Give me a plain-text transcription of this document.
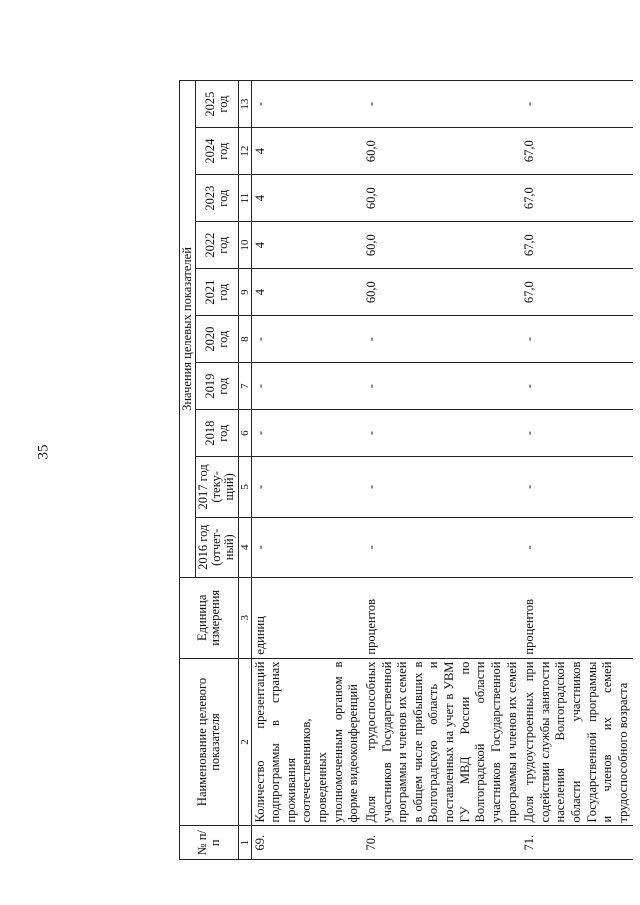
35
№ п/п	Наименование целевого показателя	Единица измерения	Значения целевых показателей									
			2016 год (отчет-ный)	2017 год (теку-щий)	2018 год	2019 год	2020 год	2021 год	2022 год	2023 год	2024 год	2025 год
1	2	3	4	5	6	7	8	9	10	11	12	13
69.	Количество презентаций подпрограммы в странах проживания соотечественников, проведенных уполномоченным органом в форме видеоконференций	единиц	-	-	-	-	-	4	4	4	4	-
70.	Доля трудоспособных участников Государственной программы и членов их семей в общем числе прибывших в Волгоградскую область и поставленных на учет в УВМ ГУ МВД России по Волгоградской области участников Государственной программы и членов их семей	процентов	-	-	-	-	-	60,0	60,0	60,0	60,0	-
71.	Доля трудоустроенных при содействии службы занятости населения Волгоградской области участников Государственной программы и членов их семей трудоспособного возраста	процентов	-	-	-	-	-	67,0	67,0	67,0	67,0	-
